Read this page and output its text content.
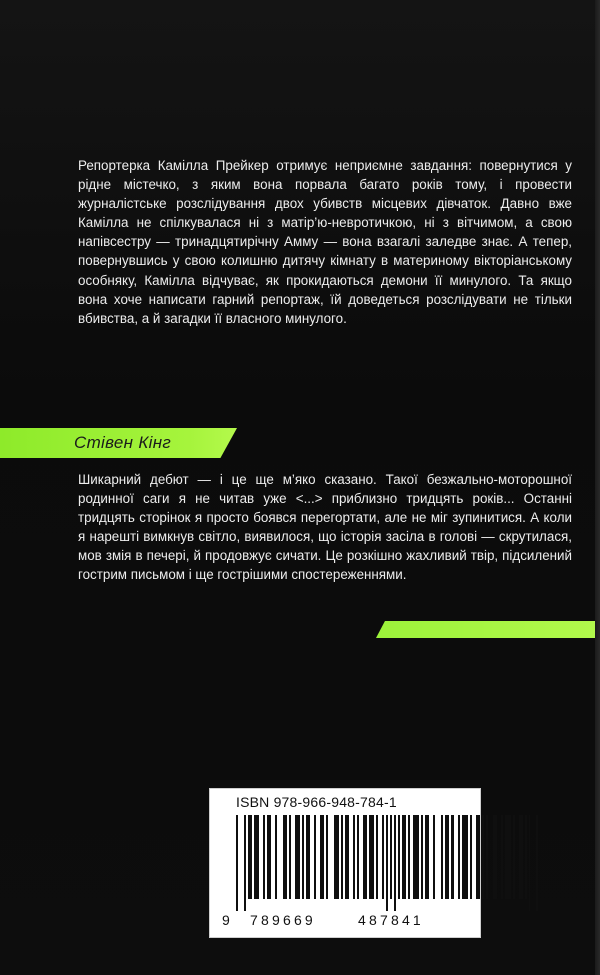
Репортерка Камілла Прейкер отримує неприємне завдання: повернутися у рідне містечко, з яким вона порвала багато років тому, і провести журналістське розслідування двох убивств місцевих дівчаток. Давно вже Камілла не спілкувалася ні з матір’ю-невротичкою, ні з вітчимом, а свою напівсестру — тринадцятирічну Амму — вона взагалі заледве знає. А тепер, повернувшись у свою колишню дитячу кімнату в материному вікторіанському особняку, Камілла відчуває, як прокидаються демони її минулого. Та якщо вона хоче написати гарний репортаж, їй доведеться розслідувати не тільки вбивства, а й загадки її власного минулого.

Стівен Кінг

Шикарний дебют — і це ще м’яко сказано. Такої безжально-моторошної родинної саги я не читав уже <...> приблизно тридцять років... Останні тридцять сторінок я просто боявся перегортати, але не міг зупинитися. А коли я нарешті вимкнув світло, виявилося, що історія засіла в голові — скрутилася, мов змія в печері, й продовжує сичати. Це розкішно жахливий твір, підсилений гострим письмом і ще гострішими спостереженнями.

ISBN 978-966-948-784-1

9 789669	487841
